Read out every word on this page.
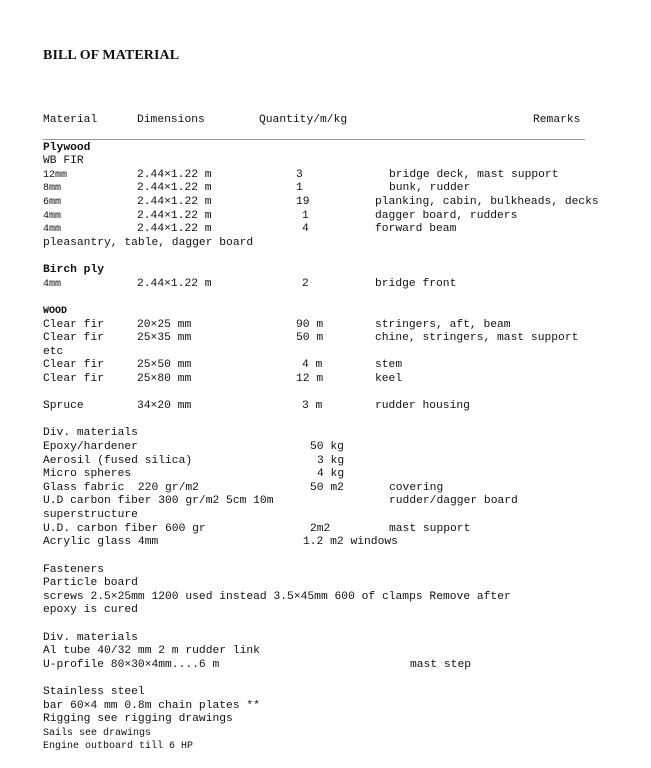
BILL OF MATERIAL
Material	Dimensions	Quantity/m/kg	Remarks
Plywood
WB FIR
12mm	2.44×1.22 m	3	bridge deck, mast support
8mm	2.44×1.22 m	1	bunk, rudder
6mm	2.44×1.22 m	19	planking, cabin, bulkheads, decks
4mm	2.44×1.22 m	1	dagger board, rudders
4mm	2.44×1.22 m	4	forward beam
pleasantry, table, dagger board
Birch ply
4mm	2.44×1.22 m	2	bridge front
WOOD
Clear fir	20×25 mm	90 m	stringers, aft, beam
Clear fir	25×35 mm	50 m	chine, stringers, mast support
etc
Clear fir	25×50 mm	4 m	stem
Clear fir	25×80 mm	12 m	keel
Spruce	34×20 mm	3 m	rudder housing
Div. materials
Epoxy/hardener	50 kg
Aerosil (fused silica)	3 kg
Micro spheres	4 kg
Glass fabric  220 gr/m2	50 m2	covering
U.D carbon fiber 300 gr/m2 5cm 10m	rudder/dagger board
superstructure
U.D. carbon fiber 600 gr	2m2	mast support
Acrylic glass 4mm	1.2 m2 windows
Fasteners
Particle board
screws 2.5×25mm 1200 used instead 3.5×45mm 600 of clamps Remove after
epoxy is cured
Div. materials
Al tube 40/32 mm 2 m rudder link
U-profile 80×30×4mm....6 m	mast step
Stainless steel
bar 60×4 mm 0.8m chain plates **
Rigging see rigging drawings
Sails see drawings
Engine outboard till 6 HP
